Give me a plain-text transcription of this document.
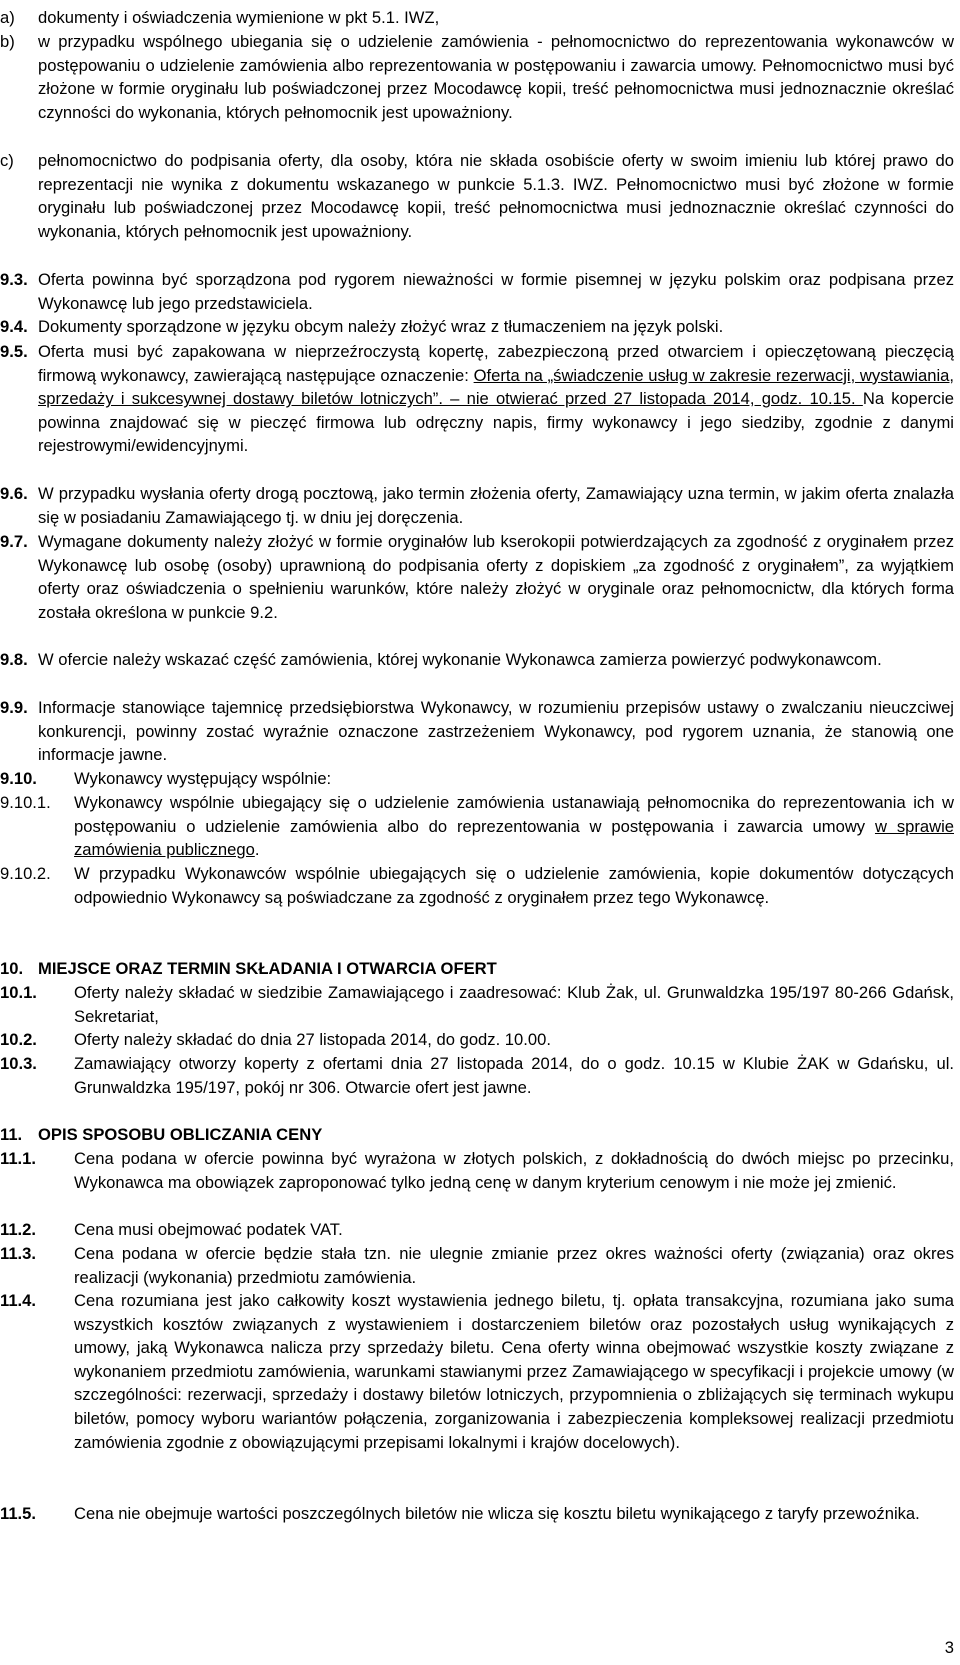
a) dokumenty i oświadczenia wymienione w pkt 5.1. IWZ,
b) w przypadku wspólnego ubiegania się o udzielenie zamówienia - pełnomocnictwo do reprezentowania wykonawców w postępowaniu o udzielenie zamówienia albo reprezentowania w postępowaniu i zawarcia umowy. Pełnomocnictwo musi być złożone w formie oryginału lub poświadczonej przez Mocodawcę kopii, treść pełnomocnictwa musi jednoznacznie określać czynności do wykonania, których pełnomocnik jest upoważniony.
c) pełnomocnictwo do podpisania oferty, dla osoby, która nie składa osobiście oferty w swoim imieniu lub której prawo do reprezentacji nie wynika z dokumentu wskazanego w punkcie 5.1.3. IWZ. Pełnomocnictwo musi być złożone w formie oryginału lub poświadczonej przez Mocodawcę kopii, treść pełnomocnictwa musi jednoznacznie określać czynności do wykonania, których pełnomocnik jest upoważniony.
9.3. Oferta powinna być sporządzona pod rygorem nieważności w formie pisemnej w języku polskim oraz podpisana przez Wykonawcę lub jego przedstawiciela.
9.4. Dokumenty sporządzone w języku obcym należy złożyć wraz z tłumaczeniem na język polski.
9.5. Oferta musi być zapakowana w nieprzeźroczystą kopertę, zabezpieczoną przed otwarciem i opieczętowaną pieczęcią firmową wykonawcy, zawierającą następujące oznaczenie: Oferta na „świadczenie usług w zakresie rezerwacji, wystawiania, sprzedaży i sukcesywnej dostawy biletów lotniczych”. – nie otwierać przed 27 listopada 2014, godz. 10.15. Na kopercie powinna znajdować się w pieczęć firmowa lub odręczny napis, firmy wykonawcy i jego siedziby, zgodnie z danymi rejestrowymi/ewidencyjnymi.
9.6. W przypadku wysłania oferty drogą pocztową, jako termin złożenia oferty, Zamawiający uzna termin, w jakim oferta znalazła się w posiadaniu Zamawiającego tj. w dniu jej doręczenia.
9.7. Wymagane dokumenty należy złożyć w formie oryginałów lub kserokopii potwierdzających za zgodność z oryginałem przez Wykonawcę lub osobę (osoby) uprawnioną do podpisania oferty z dopiskiem „za zgodność z oryginałem”, za wyjątkiem oferty oraz oświadczenia o spełnieniu warunków, które należy złożyć w oryginale oraz pełnomocnictw, dla których forma została określona w punkcie 9.2.
9.8. W ofercie należy wskazać część zamówienia, której wykonanie Wykonawca zamierza powierzyć podwykonawcom.
9.9. Informacje stanowiące tajemnicę przedsiębiorstwa Wykonawcy, w rozumieniu przepisów ustawy o zwalczaniu nieuczciwej konkurencji, powinny zostać wyraźnie oznaczone zastrzeżeniem Wykonawcy, pod rygorem uznania, że stanowią one informacje jawne.
9.10. Wykonawcy występujący wspólnie:
9.10.1. Wykonawcy wspólnie ubiegający się o udzielenie zamówienia ustanawiają pełnomocnika do reprezentowania ich w postępowaniu o udzielenie zamówienia albo do reprezentowania w postępowania i zawarcia umowy w sprawie zamówienia publicznego.
9.10.2. W przypadku Wykonawców wspólnie ubiegających się o udzielenie zamówienia, kopie dokumentów dotyczących odpowiednio Wykonawcy są poświadczane za zgodność z oryginałem przez tego Wykonawcę.
10. MIEJSCE ORAZ TERMIN SKŁADANIA I OTWARCIA OFERT
10.1. Oferty należy składać w siedzibie Zamawiającego i zaadresować: Klub Żak, ul. Grunwaldzka 195/197 80-266 Gdańsk, Sekretariat,
10.2. Oferty należy składać do dnia 27 listopada 2014, do godz. 10.00.
10.3. Zamawiający otworzy koperty z ofertami dnia 27 listopada 2014, do o godz. 10.15 w Klubie ŻAK w Gdańsku, ul. Grunwaldzka 195/197, pokój nr 306. Otwarcie ofert jest jawne.
11. OPIS SPOSOBU OBLICZANIA CENY
11.1. Cena podana w ofercie powinna być wyrażona w złotych polskich, z dokładnością do dwóch miejsc po przecinku, Wykonawca ma obowiązek zaproponować tylko jedną cenę w danym kryterium cenowym i nie może jej zmienić.
11.2. Cena musi obejmować podatek VAT.
11.3. Cena podana w ofercie będzie stała tzn. nie ulegnie zmianie przez okres ważności oferty (związania) oraz okres realizacji (wykonania) przedmiotu zamówienia.
11.4. Cena rozumiana jest jako całkowity koszt wystawienia jednego biletu, tj. opłata transakcyjna, rozumiana jako suma wszystkich kosztów związanych z wystawieniem i dostarczeniem biletów oraz pozostałych usług wynikających z umowy, jaką Wykonawca nalicza przy sprzedaży biletu. Cena oferty winna obejmować wszystkie koszty związane z wykonaniem przedmiotu zamówienia, warunkami stawianymi przez Zamawiającego w specyfikacji i projekcie umowy (w szczególności: rezerwacji, sprzedaży i dostawy biletów lotniczych, przypomnienia o zbliżających się terminach wykupu biletów, pomocy wyboru wariantów połączenia, zorganizowania i zabezpieczenia kompleksowej realizacji przedmiotu zamówienia zgodnie z obowiązującymi przepisami lokalnymi i krajów docelowych).
11.5. Cena nie obejmuje wartości poszczególnych biletów nie wlicza się kosztu biletu wynikającego z taryfy przewoźnika.
3
